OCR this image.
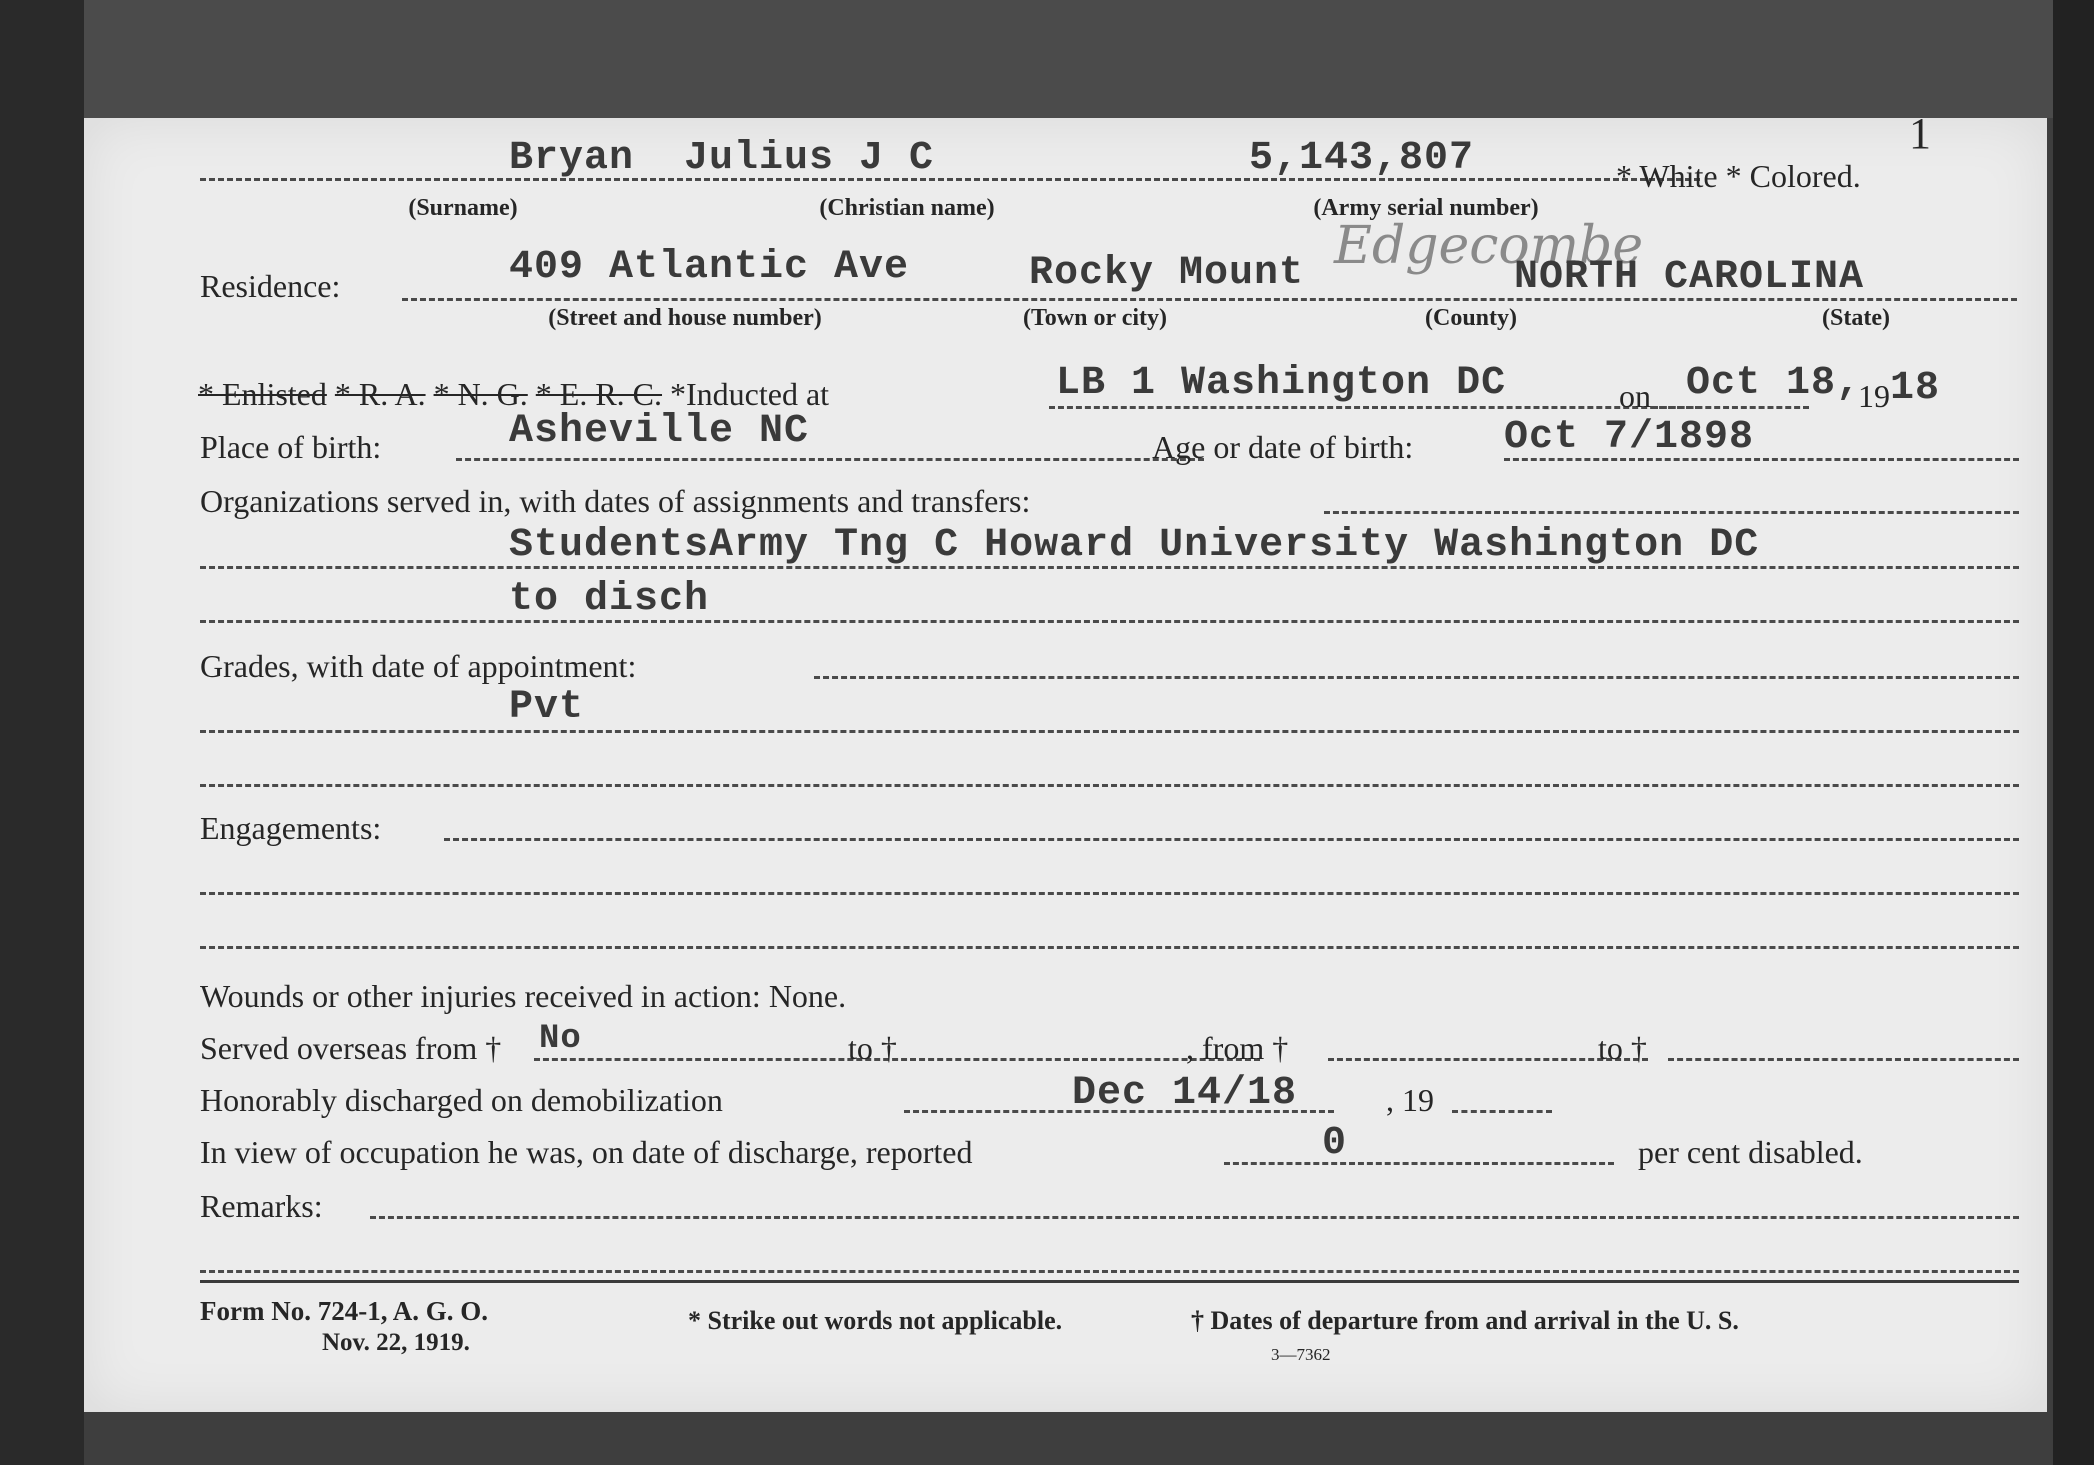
1
Bryan Julius J C	5,143,807	* White * Colored.
(Surname)	(Christian name)	(Army serial number)
Residence:	409 Atlantic Ave	Rocky Mount Edgecombe
NORTH CAROLINA
(Street and house number)	(Town or city)	(County)	(State)
* Enlisted * R. A. * N. G. * E. R. C. *Inducted at	LB 1 Washington DC	on Oct 18,
19 18
Place of birth:	Asheville NC	Age or date of birth: Oct 7/1898
Organizations served in, with dates of assignments and transfers:
StudentsArmy Tng C Howard University Washington DC
to disch
Grades, with date of appointment:
Pvt
Engagements:
Wounds or other injuries received in action: None.
Served overseas from † No	to †	, from †	to †
Honorably discharged on demobilization	Dec 14/18	, 19
In view of occupation he was, on date of discharge, reported	0	per cent disabled.
Remarks:
Form No. 724-1, A. G. O.
Nov. 22, 1919.
* Strike out words not applicable.	† Dates of departure from and arrival in the U. S.
3—7362
